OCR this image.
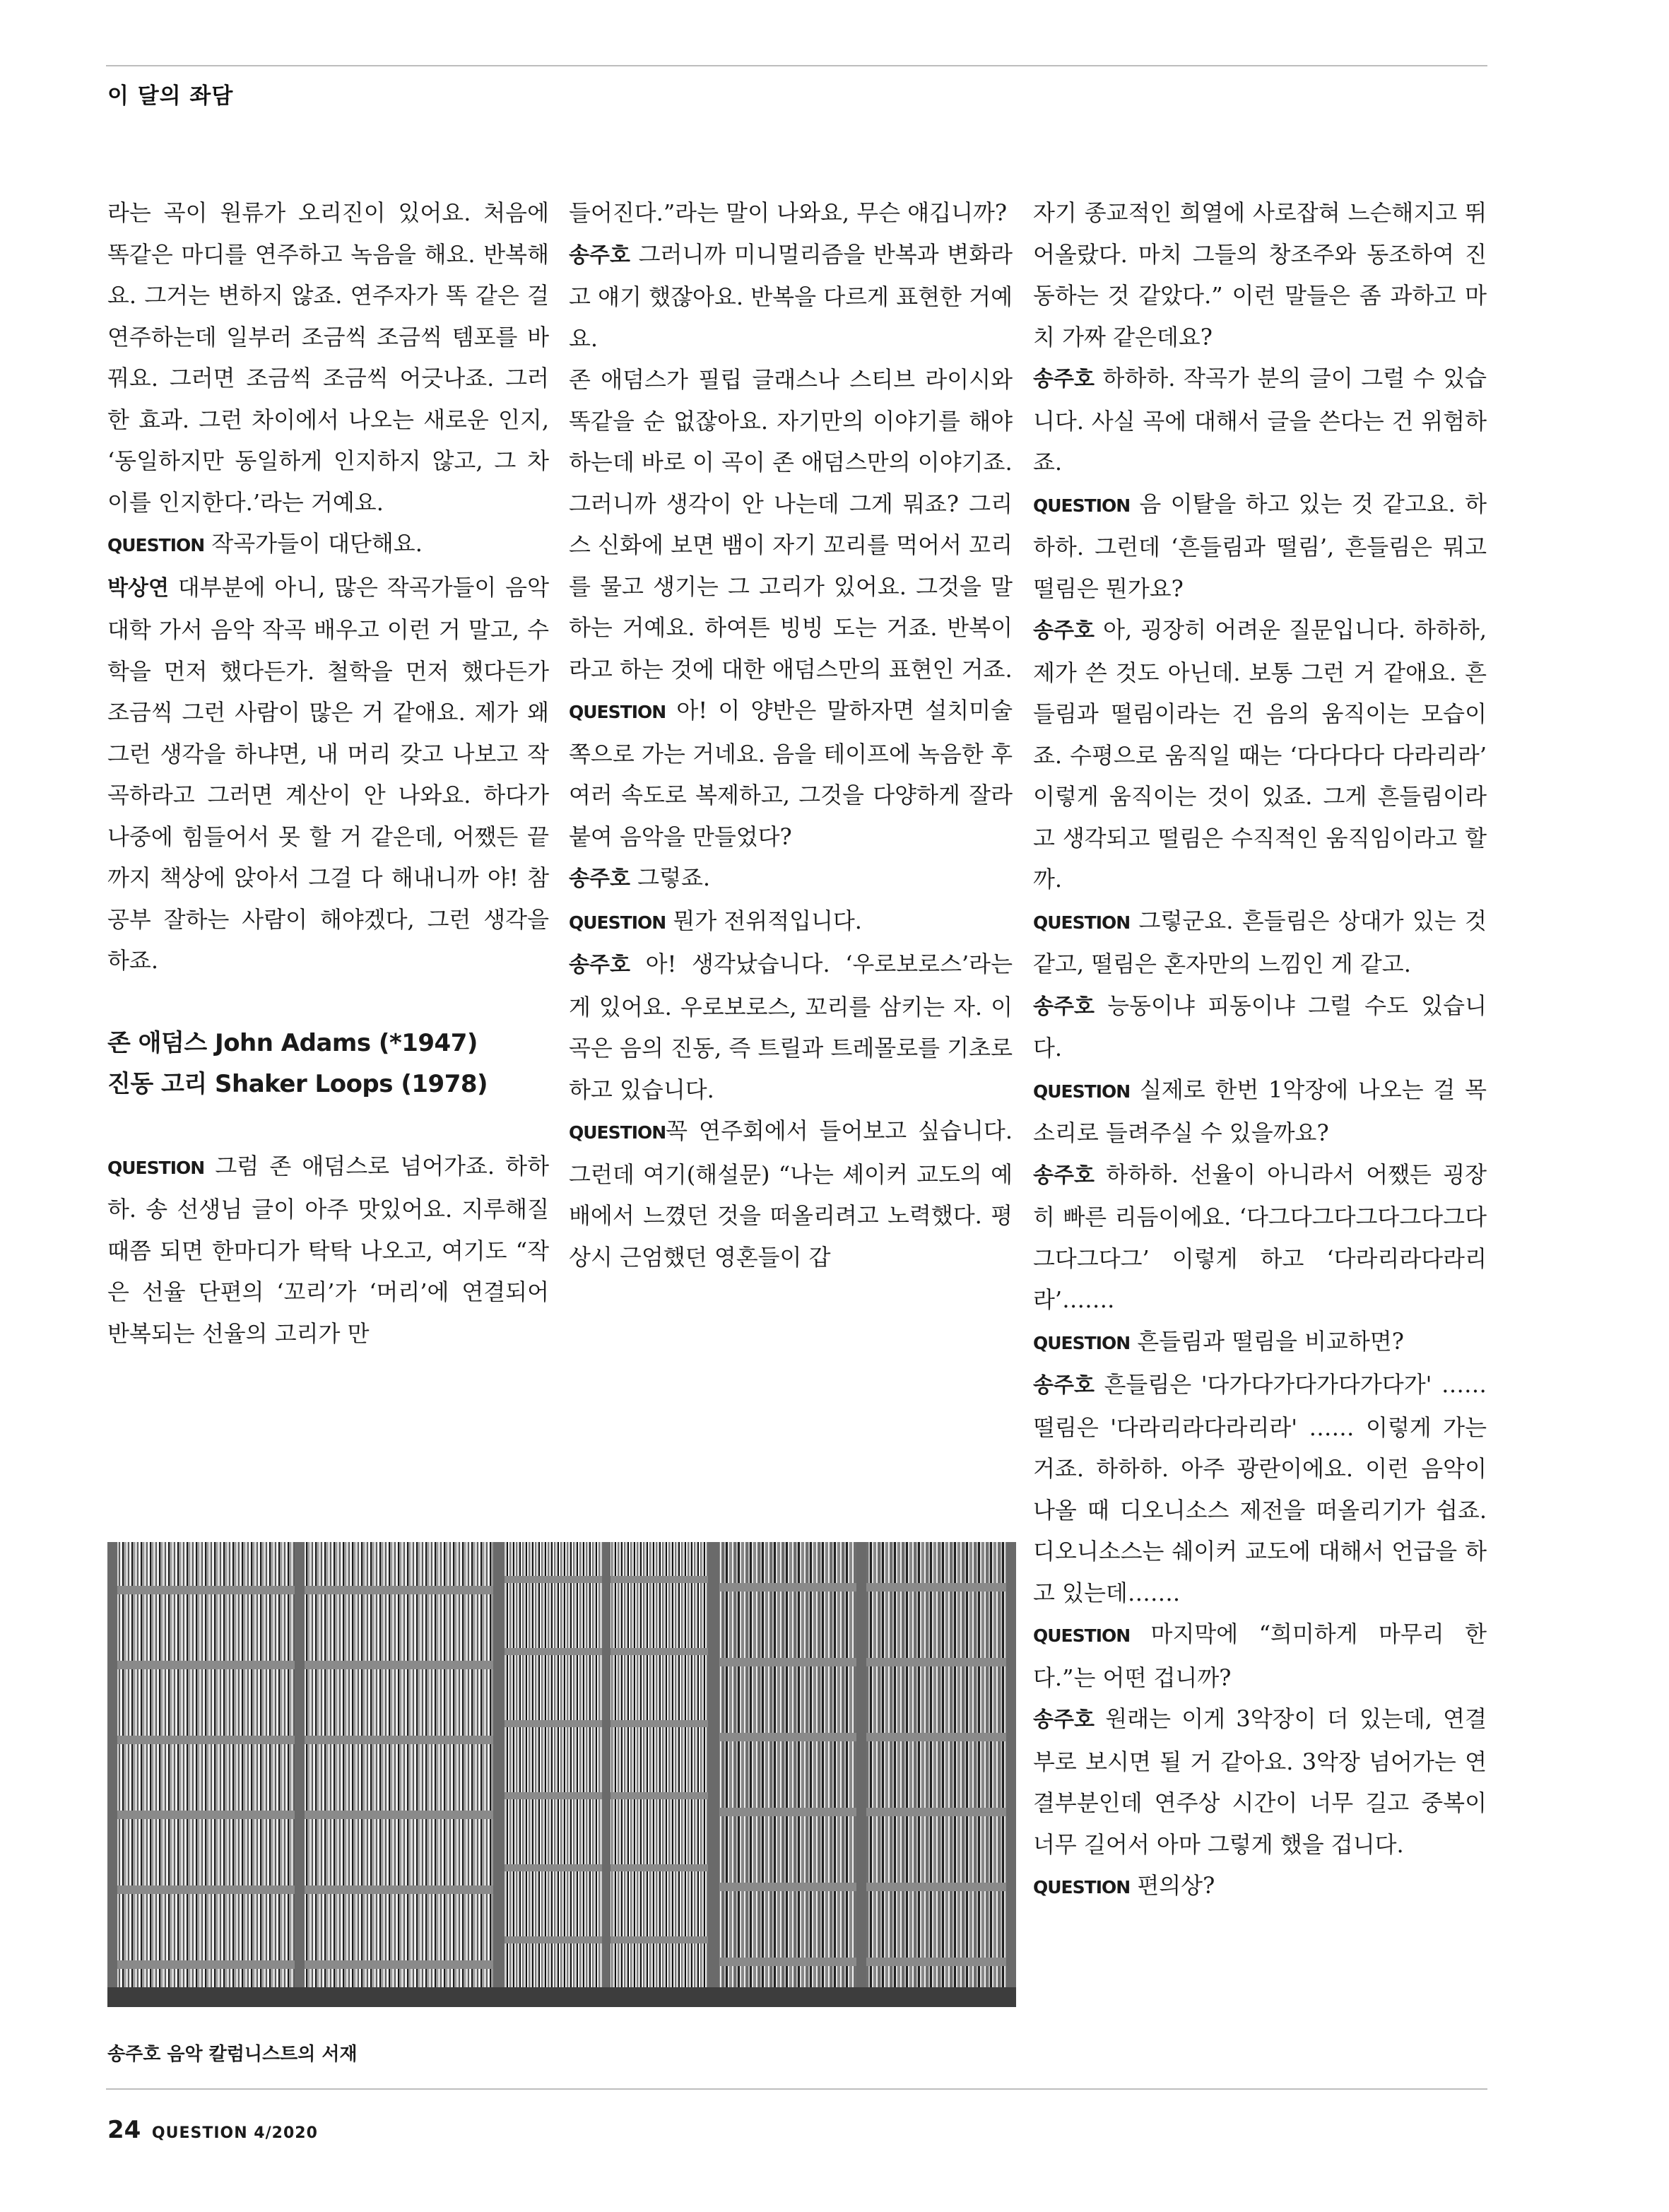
이 달의 좌담

라는 곡이 원류가 오리진이 있어요. 처음에 똑같은 마디를 연주하고 녹음을 해요. 반복해요. 그거는 변하지 않죠. 연주자가 똑 같은 걸 연주하는데 일부러 조금씩 조금씩 템포를 바꿔요. 그러면 조금씩 조금씩 어긋나죠. 그러한 효과. 그런 차이에서 나오는 새로운 인지, ‘동일하지만 동일하게 인지하지 않고, 그 차이를 인지한다.’라는 거예요.

QUESTION 작곡가들이 대단해요.

박상연 대부분에 아니, 많은 작곡가들이 음악대학 가서 음악 작곡 배우고 이런 거 말고, 수학을 먼저 했다든가. 철학을 먼저 했다든가 조금씩 그런 사람이 많은 거 같애요. 제가 왜 그런 생각을 하냐면, 내 머리 갖고 나보고 작곡하라고 그러면 계산이 안 나와요. 하다가 나중에 힘들어서 못 할 거 같은데, 어쨌든 끝까지 책상에 앉아서 그걸 다 해내니까 야! 참 공부 잘하는 사람이 해야겠다, 그런 생각을 하죠.

존 애덤스 John Adams (*1947)
진동 고리 Shaker Loops (1978)

QUESTION 그럼 존 애덤스로 넘어가죠. 하하하. 송 선생님 글이 아주 맛있어요. 지루해질 때쯤 되면 한마디가 탁탁 나오고, 여기도 “작은 선율 단편의 ‘꼬리’가 ‘머리’에 연결되어 반복되는 선율의 고리가 만

들어진다.”라는 말이 나와요, 무슨 얘깁니까?

송주호 그러니까 미니멀리즘을 반복과 변화라고 얘기 했잖아요. 반복을 다르게 표현한 거예요.

존 애덤스가 필립 글래스나 스티브 라이시와 똑같을 순 없잖아요. 자기만의 이야기를 해야 하는데 바로 이 곡이 존 애덤스만의 이야기죠.

그러니까 생각이 안 나는데 그게 뭐죠? 그리스 신화에 보면 뱀이 자기 꼬리를 먹어서 꼬리를 물고 생기는 그 고리가 있어요. 그것을 말하는 거예요. 하여튼 빙빙 도는 거죠. 반복이라고 하는 것에 대한 애덤스만의 표현인 거죠.

QUESTION 아! 이 양반은 말하자면 설치미술 쪽으로 가는 거네요. 음을 테이프에 녹음한 후 여러 속도로 복제하고, 그것을 다양하게 잘라 붙여 음악을 만들었다?

송주호 그렇죠.

QUESTION 뭔가 전위적입니다.

송주호 아! 생각났습니다. ‘우로보로스’라는 게 있어요. 우로보로스, 꼬리를 삼키는 자. 이 곡은 음의 진동, 즉 트릴과 트레몰로를 기초로 하고 있습니다.

QUESTION꼭 연주회에서 들어보고 싶습니다. 그런데 여기(해설문) “나는 셰이커 교도의 예배에서 느꼈던 것을 떠올리려고 노력했다. 평상시 근엄했던 영혼들이 갑

자기 종교적인 희열에 사로잡혀 느슨해지고 뛰어올랐다. 마치 그들의 창조주와 동조하여 진동하는 것 같았다.” 이런 말들은 좀 과하고 마치 가짜 같은데요?

송주호 하하하. 작곡가 분의 글이 그럴 수 있습니다. 사실 곡에 대해서 글을 쓴다는 건 위험하죠.

QUESTION 음 이탈을 하고 있는 것 같고요. 하하하. 그런데 ‘흔들림과 떨림’, 흔들림은 뭐고 떨림은 뭔가요?

송주호 아, 굉장히 어려운 질문입니다. 하하하, 제가 쓴 것도 아닌데. 보통 그런 거 같애요. 흔들림과 떨림이라는 건 음의 움직이는 모습이죠. 수평으로 움직일 때는 ‘다다다다 다라리라’ 이렇게 움직이는 것이 있죠. 그게 흔들림이라고 생각되고 떨림은 수직적인 움직임이라고 할까.

QUESTION 그렇군요. 흔들림은 상대가 있는 것 같고, 떨림은 혼자만의 느낌인 게 같고.

송주호 능동이냐 피동이냐 그럴 수도 있습니다.

QUESTION 실제로 한번 1악장에 나오는 걸 목소리로 들려주실 수 있을까요?

송주호 하하하. 선율이 아니라서 어쨌든 굉장히 빠른 리듬이에요. ‘다그다그다그다그다그다그다그다그’ 이렇게 하고 ‘다라리라다라리라’…….

QUESTION 흔들림과 떨림을 비교하면?

송주호 흔들림은 '다가다가다가다가다가' …… 떨림은 '다라리라다라리라' …… 이렇게 가는 거죠. 하하하. 아주 광란이에요. 이런 음악이 나올 때 디오니소스 제전을 떠올리기가 쉽죠. 디오니소스는 쉐이커 교도에 대해서 언급을 하고 있는데…….

QUESTION 마지막에 “희미하게 마무리 한다.”는 어떤 겁니까?

송주호 원래는 이게 3악장이 더 있는데, 연결부로 보시면 될 거 같아요. 3악장 넘어가는 연결부분인데 연주상 시간이 너무 길고 중복이 너무 길어서 아마 그렇게 했을 겁니다.

QUESTION 편의상?

송주호 음악 칼럼니스트의 서재
24 QUESTION 4/2020
